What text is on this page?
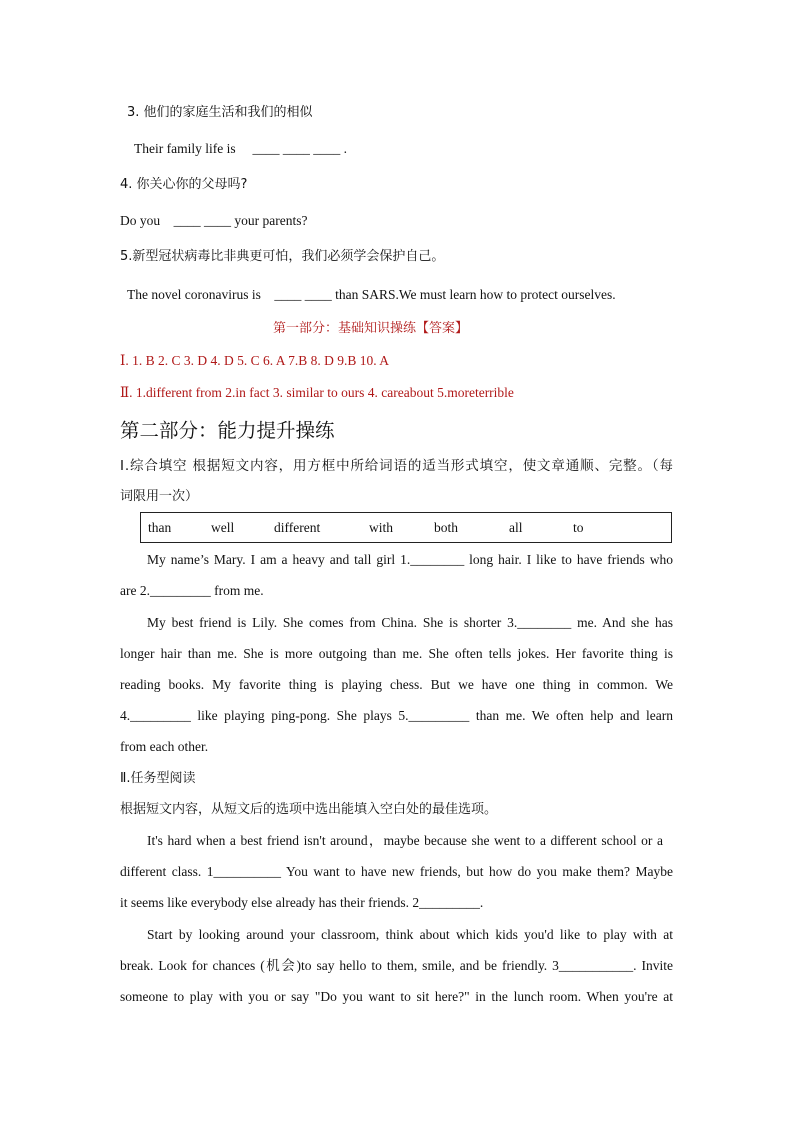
3. 他们的家庭生活和我们的相似
Their family life is　 ____ ____ ____ .
4. 你关心你的父母吗?
Do you　____ ____ your parents?
5.新型冠状病毒比非典更可怕，我们必须学会保护自己。
The novel coronavirus is　____ ____ than SARS.We must learn how to protect ourselves.
第一部分：基础知识操练【答案】
Ⅰ. 1. B 2. C 3. D 4. D 5. C 6. A 7.B 8. D 9.B 10. A
Ⅱ. 1.different from 2.in fact 3. similar to ours 4. careabout 5.moreterrible
第二部分：能力提升操练
Ⅰ.综合填空 根据短文内容，用方框中所给词语的适当形式填空，使文章通顺、完整。（每
词限用一次）
than	well	different	with	both	all	to
My name’s Mary. I am a heavy and tall girl 1.________ long hair. I like to have friends who
are 2._________ from me.
My best friend is Lily. She comes from China. She is shorter 3.________ me. And she has
longer hair than me. She is more outgoing than me. She often tells jokes. Her favorite thing is
reading books. My favorite thing is playing chess. But we have one thing in common. We
4._________ like playing ping-pong. She plays 5._________ than me. We often help and learn
from each other.
Ⅱ.任务型阅读
根据短文内容，从短文后的选项中选出能填入空白处的最佳选项。
It's hard when a best friend isn't around，maybe because she went to a different school or a
different class. 1__________ You want to have new friends, but how do you make them? Maybe
it seems like everybody else already has their friends. 2_________.
Start by looking around your classroom, think about which kids you'd like to play with at
break. Look for chances (机会)to say hello to them, smile, and be friendly. 3___________. Invite
someone to play with you or say "Do you want to sit here?" in the lunch room. When you're at
